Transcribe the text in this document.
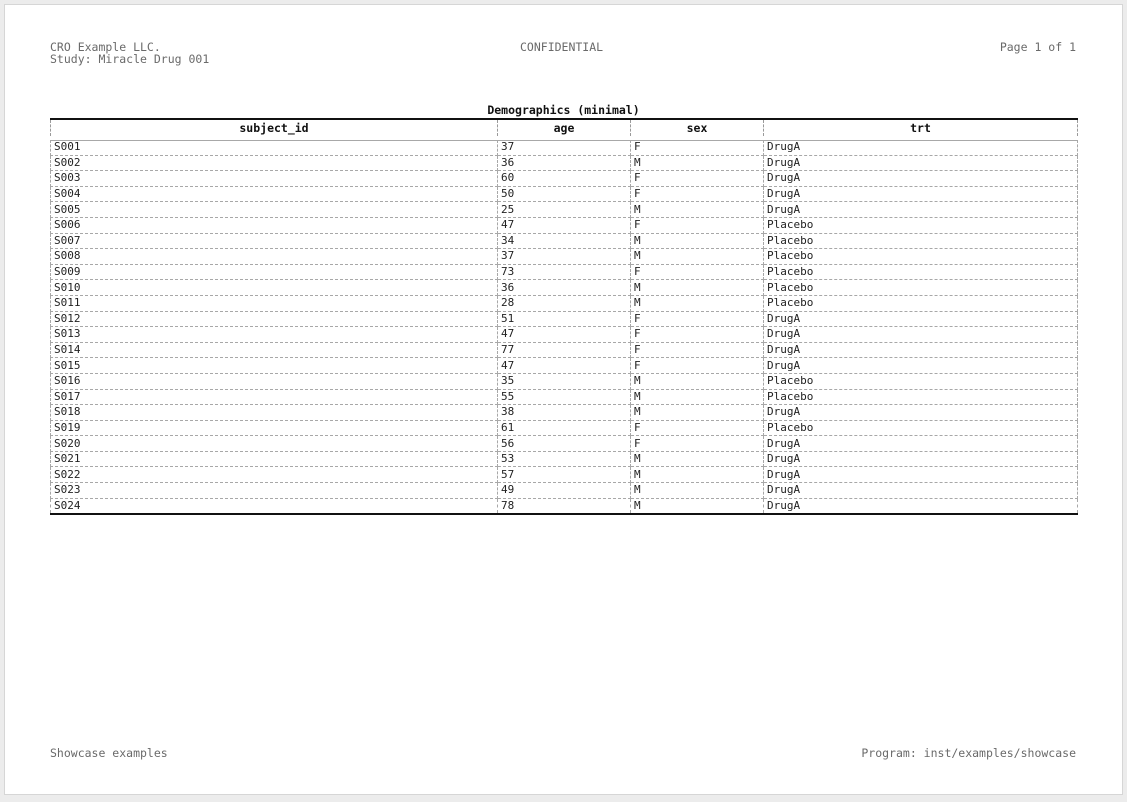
CRO Example LLC.
Study: Miracle Drug 001
CONFIDENTIAL	Page 1 of 1
Demographics (minimal)
subject_id	age	sex	trt
S001	37	F	DrugA
S002	36	M	DrugA
S003	60	F	DrugA
S004	50	F	DrugA
S005	25	M	DrugA
S006	47	F	Placebo
S007	34	M	Placebo
S008	37	M	Placebo
S009	73	F	Placebo
S010	36	M	Placebo
S011	28	M	Placebo
S012	51	F	DrugA
S013	47	F	DrugA
S014	77	F	DrugA
S015	47	F	DrugA
S016	35	M	Placebo
S017	55	M	Placebo
S018	38	M	DrugA
S019	61	F	Placebo
S020	56	F	DrugA
S021	53	M	DrugA
S022	57	M	DrugA
S023	49	M	DrugA
S024	78	M	DrugA
Showcase examples	Program: inst/examples/showcase
